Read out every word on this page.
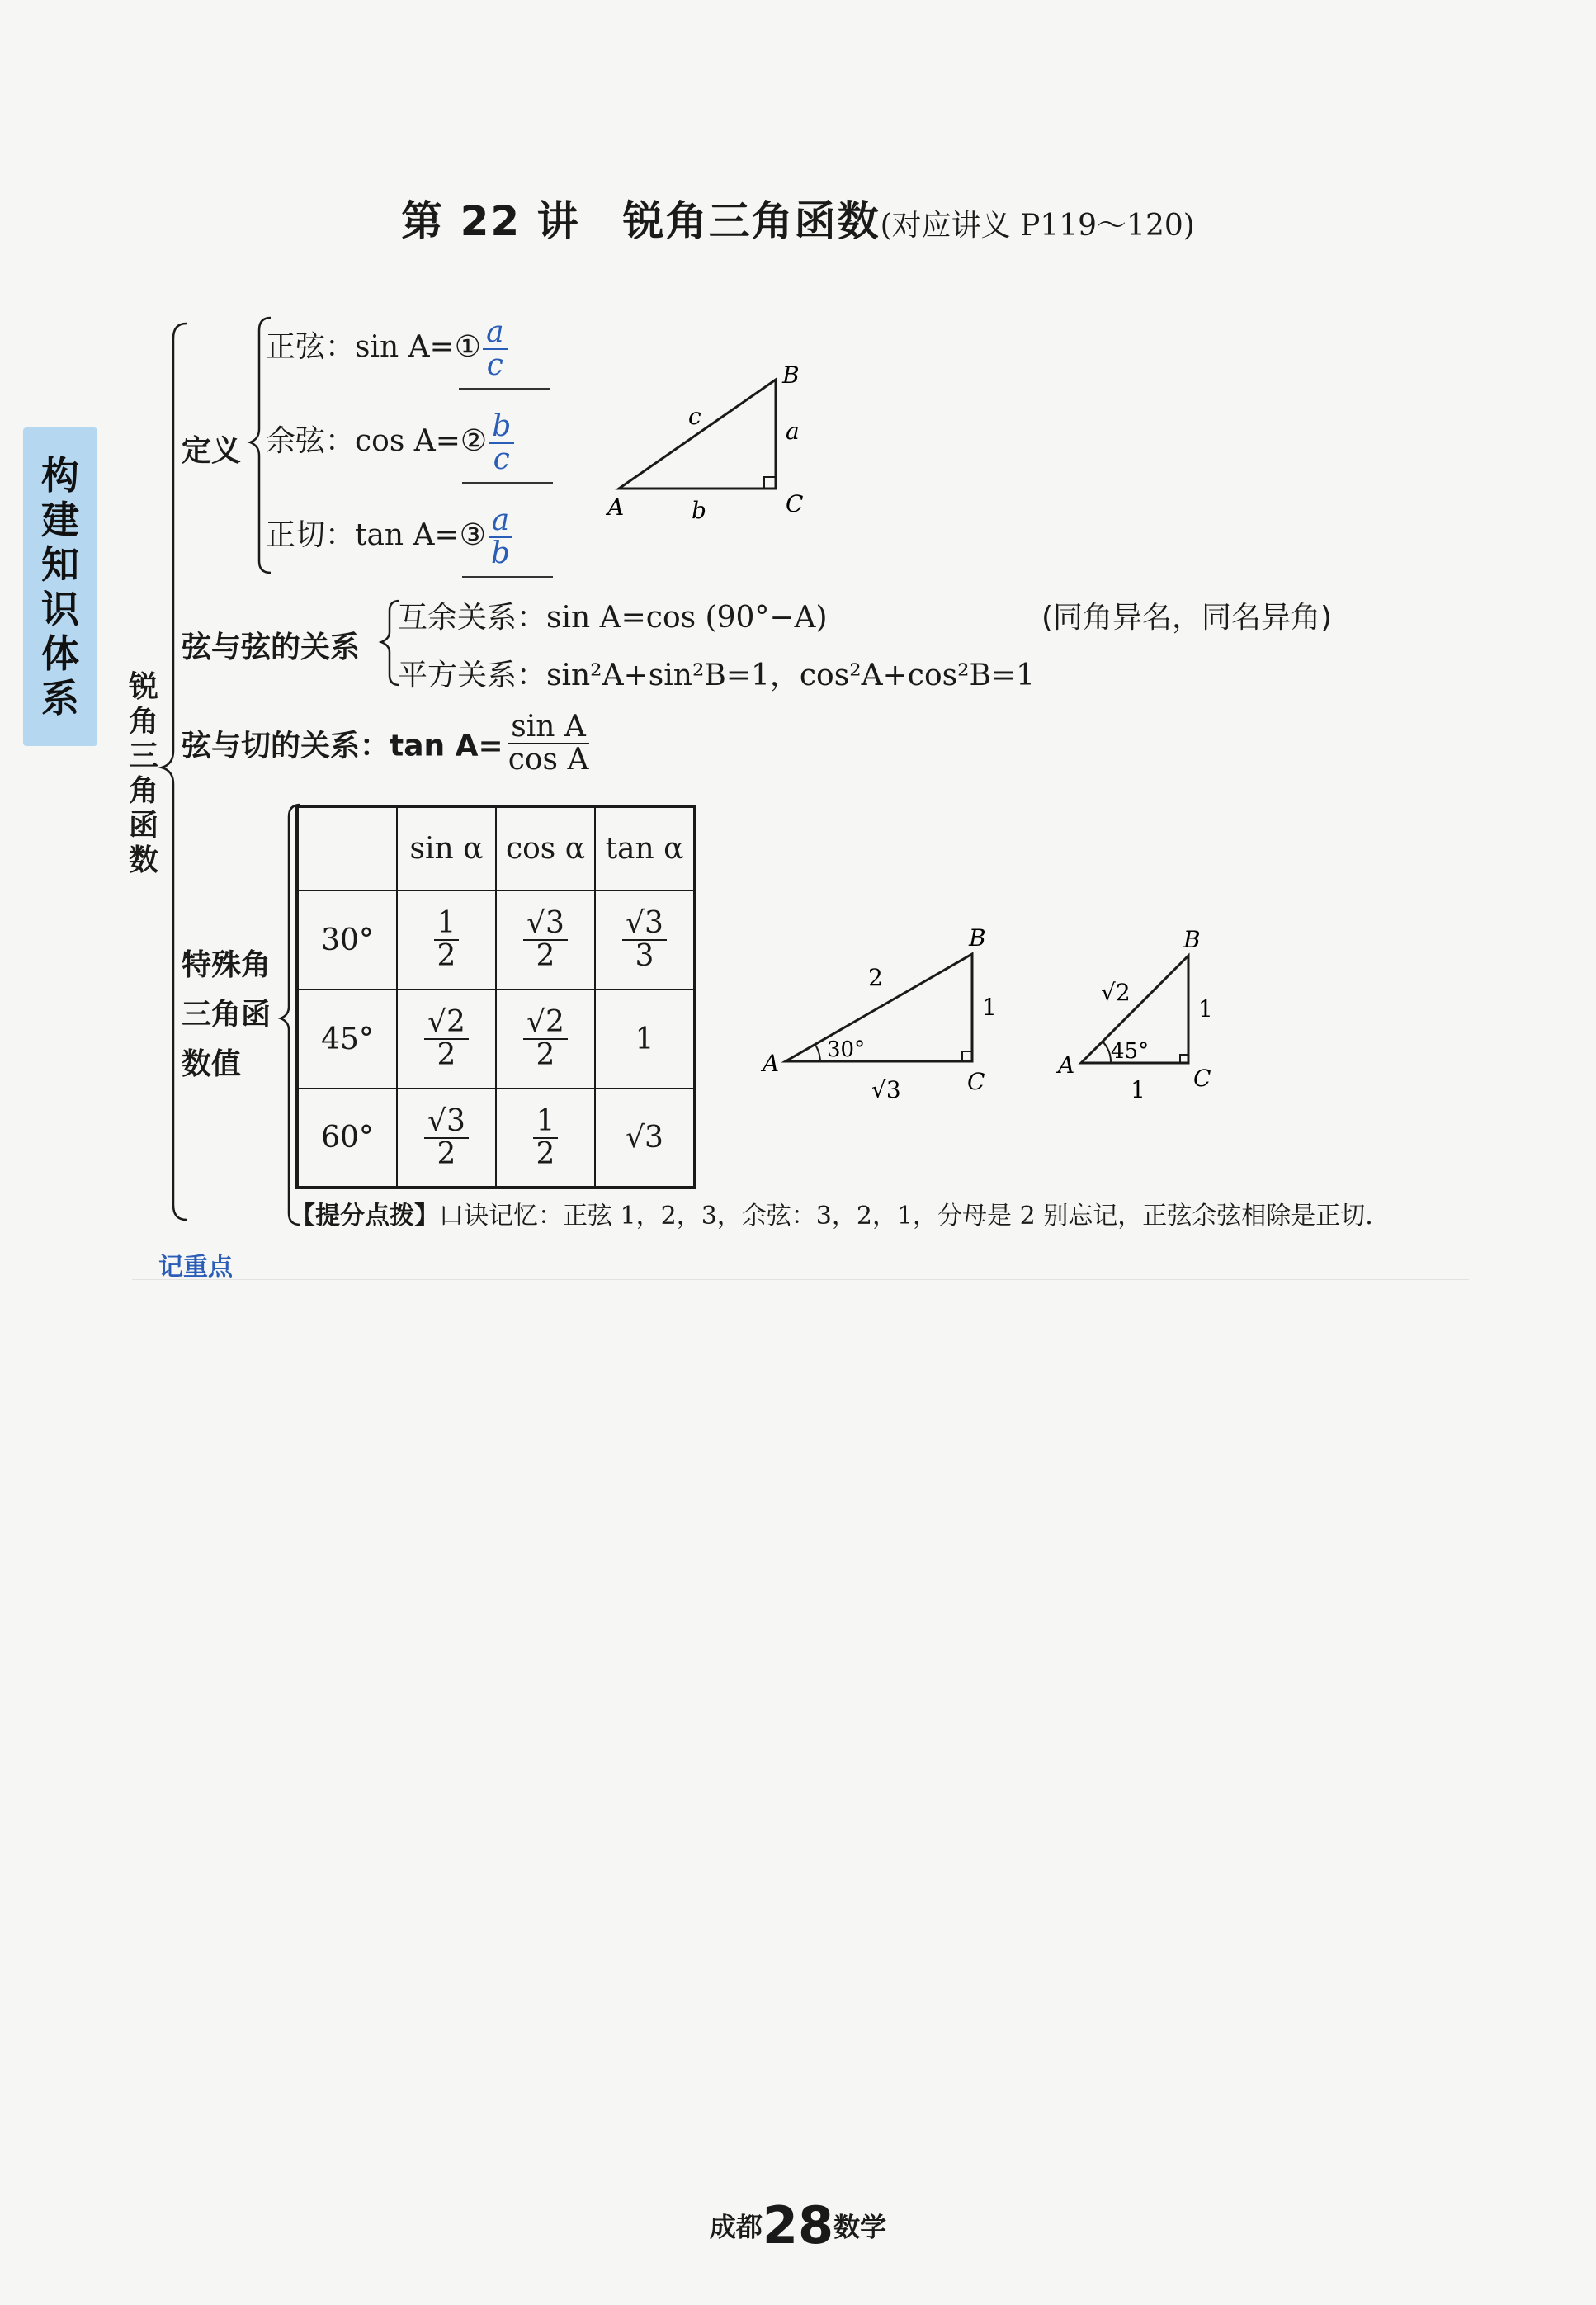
第 22 讲　锐角三角函数(对应讲义 P119～120)
构
建
知
识
体
系 锐
角
三
角
函
数
定义
正弦：sin A=① $\frac{a}{c}$
余弦：cos A=② $\frac{b}{c}$
正切：tan A=③ $\frac{a}{b}$
B
C
A
a
b
c
弦与弦的关系
互余关系：sin A=cos (90°−A)	(同角异名，同名异角)
平方关系：sin²A+sin²B=1，cos²A+cos²B=1
弦与切的关系：$\tan A= \frac{\text{sin A}}{\text{cos A}}$
特殊角
三角函
数值
	sin α	cos α	tan α
30°	$\frac{1}{2}$	$\frac{√3}{2}$	$\frac{√3}{3}$

45°	$\frac{√2}{2}$	$\frac{√2}{2}$	1
60°	$\frac{√3}{2}$	$\frac{1}{2}$	√3
30°
B
C
A
2
1
√3
45°
B
C
A
√2
1
1
【提分点拨】口诀记忆：正弦 1，2，3，余弦：3，2，1，分母是 2 别忘记，正弦余弦相除是正切.
记重点
成都28数学
